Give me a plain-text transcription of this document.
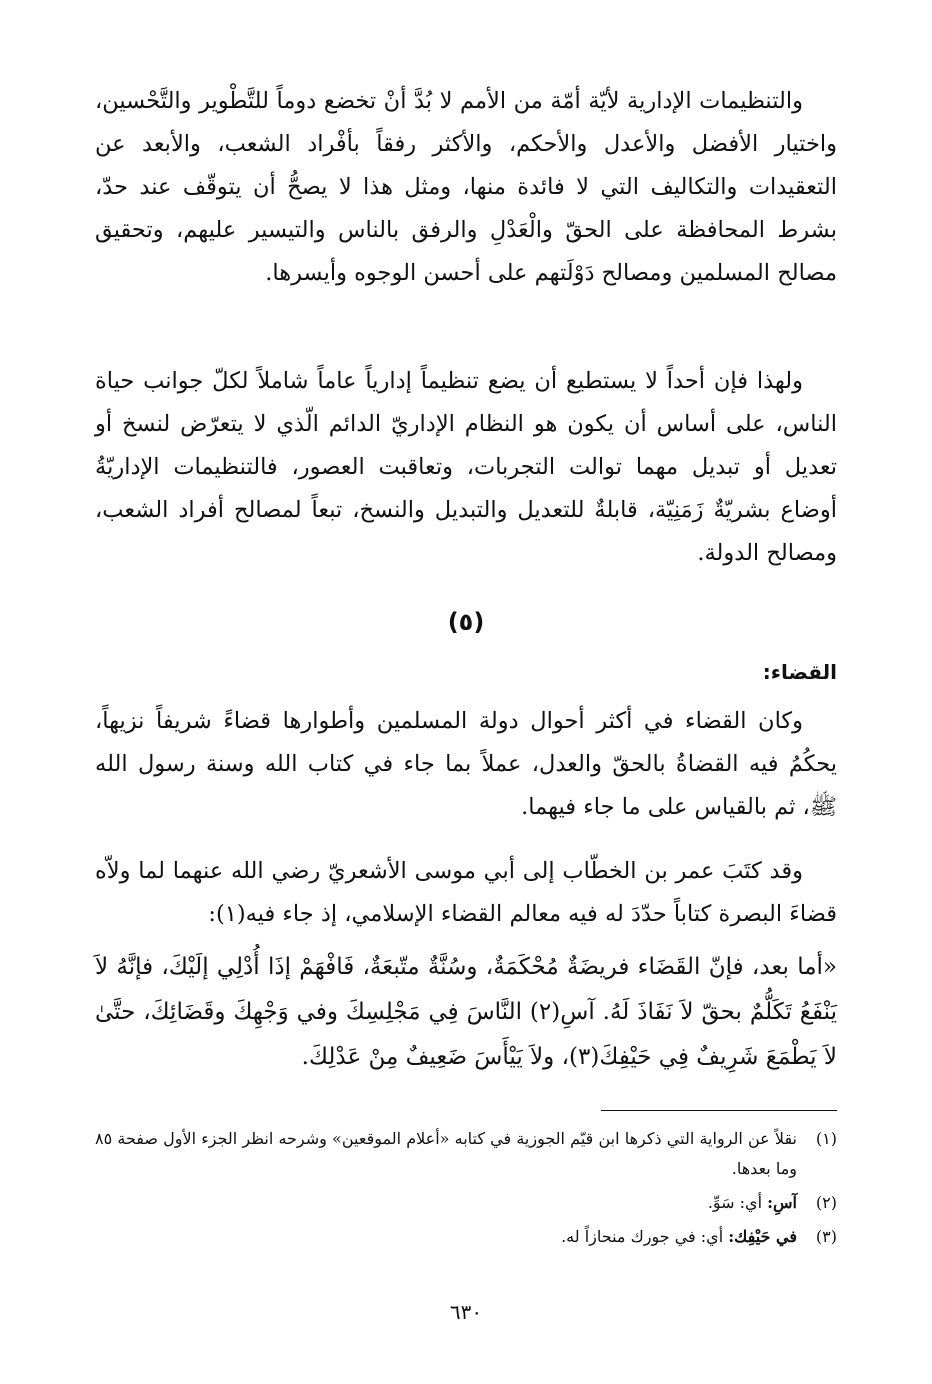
والتنظيمات الإدارية لأيّة أمّة من الأمم لا بُدَّ أنْ تخضع دوماً للتَّطْوير والتَّحْسين، واختيار الأفضل والأعدل والأحكم، والأكثر رفقاً بأفْراد الشعب، والأبعد عن التعقيدات والتكاليف التي لا فائدة منها، ومثل هذا لا يصحُّ أن يتوقّف عند حدّ، بشرط المحافظة على الحقّ والْعَدْلِ والرفق بالناس والتيسير عليهم، وتحقيق مصالح المسلمين ومصالح دَوْلَتهم على أحسن الوجوه وأيسرها.

ولهذا فإن أحداً لا يستطيع أن يضع تنظيماً إدارياً عاماً شاملاً لكلّ جوانب حياة الناس، على أساس أن يكون هو النظام الإداريّ الدائم الّذي لا يتعرّض لنسخ أو تعديل أو تبديل مهما توالت التجربات، وتعاقبت العصور، فالتنظيمات الإداريّةُ أوضاع بشريّةٌ زَمَنِيّة، قابلةٌ للتعديل والتبديل والنسخ، تبعاً لمصالح أفراد الشعب، ومصالح الدولة.

(٥)
القضاء:

وكان القضاء في أكثر أحوال دولة المسلمين وأطوارها قضاءً شريفاً نزيهاً، يحكُمُ فيه القضاةُ بالحقّ والعدل، عملاً بما جاء في كتاب الله وسنة رسول الله ﷺ، ثم بالقياس على ما جاء فيهما.

وقد كتَبَ عمر بن الخطّاب إلى أبي موسى الأشعريّ رضي الله عنهما لما ولاّه قضاءَ البصرة كتاباً حدّدَ له فيه معالم القضاء الإسلامي، إذ جاء فيه(١):

«أما بعد، فإنّ القَضَاء فريضَةٌ مُحْكَمَةٌ، وسُنَّةٌ متّبعَةٌ، فَافْهَمْ إذَا أُدْلِي إلَيْكَ، فإنَّهُ لاَ يَنْفَعُ تَكَلُّمٌ بحقّ لاَ نَفَاذَ لَهُ. آسِ(٢) النَّاسَ فِي مَجْلِسِكَ وفي وَجْهِكَ وقَضَائِكَ، حتَّىٰ لاَ يَطْمَعَ شَرِيفٌ فِي حَيْفِكَ(٣)، ولاَ يَيْأَسَ ضَعِيفٌ مِنْ عَدْلِكَ.

(١)
نقلاً عن الرواية التي ذكرها ابن قيّم الجوزية في كتابه «أعلام الموقعين» وشرحه انظر الجزء الأول صفحة ٨٥ وما بعدها.
(٢)
آسِ: أي: سَوِّ.
(٣)
في حَيْفِك: أي: في جورك منحازاً له.
٦٣٠
